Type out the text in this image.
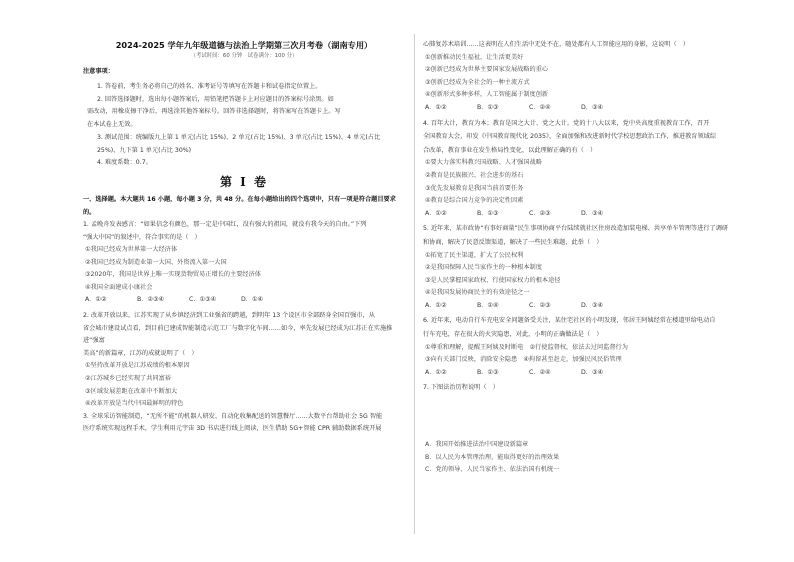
2024-2025 学年九年级道德与法治上学期第三次月考卷（湖南专用）
（考试时间：60 分钟　试卷满分：100 分）
注意事项：
1. 答卷前，考生务必将自己的姓名、准考证号等填写在答题卡和试卷指定位置上。
2. 回答选择题时，选出每小题答案后，用铅笔把答题卡上对应题目的答案标号涂黑。如
需改动，用橡皮擦干净后，再选涂其他答案标号。回答非选择题时，将答案写在答题卡上。写
在本试卷上无效。
3. 测试范围：统编版九上第 1 单元(占比 15%)、2 单元(占比 15%)、3 单元(占比 15%)、4 单元(占比
25%)、九下第 1 单元(占比 30%)
4. 难度系数：0.7。
第 I 卷
一、选择题。本大题共 16 小题，每小题 3 分，共 48 分。在每小题给出的四个选项中，只有一项是符合题目要求的。
1. 孟晚舟发表感言：“如果信念有颜色，那一定是中国红，没有强大的祖国，就没有我今天的自由。”下列
“强大中国”的叙述中，符合事实的是（　）
①我国已经成为世界第一大经济体
②我国已经成为制造业第一大国、外资流入第一大国
③2020年，我国是世界上唯一实现货物贸易正增长的主要经济体
④我国全面建成小康社会
A．①②	B．②③④	C．①③④	D．①④
2. 改革开放以来，江苏实现了从乡镇经济到工业强省的跨越，到明年 13 个设区市全部跻身全国百强市，从
省会城市建设试点看，到目前已建成智能制造示范工厂与数字化车间……如今，率先发展已经成为江苏正在实施推进“强富
美高”的新篇章，江苏的成就说明了（　）
①坚持改革开放是江苏成绩的根本原因
②江苏城乡已经实现了共同富裕
③区域发展差距在改革中不断加大
④改革开放是当代中国最鲜明的特色
3. 全球采访智能制造，“无所不能”的机器人研发、自动化收集配送的智慧餐厅……大数平台帮助社会 5G 智能
医疗系统实现远程手术，学生利用元宇宙 3D 书店进行线上阅读，医生借助 5G+智能 CPR 辅助数据系统开展
心肺复苏术培训……这表明在人们生活中无处不在，随处都有人工智能应用的身影，这说明（　）
①创新推动民生福祉，让生活更美好
②创新已经成为世界主要国家发展战略的重心
③创新已经成为全社会的一种主流方式
④创新形式多种多样，人工智能属于制度创新
A．①②	B．①③	C．②④	D．③④
4. 百年大计，教育为本；教育是国之大计、党之大计。党的十八大以来，党中央高度重视教育工作，召开
全国教育大会，印发《中国教育现代化 2035》，全面加强和改进新时代学校思想政治工作，推进教育领域综
合改革，教育事业在发生格局性变化，以此理解正确的有（　）
①要大力落实科教兴国战略、人才强国战略
②教育是民族振兴、社会进步的基石
③优先发展教育是我国当前首要任务
④教育是综合国力竞争的决定性因素
A．①②	B．①③	C．②③	D．③④
5. 近年来，某市政协“有事好商量”民生事项协商平台陆续就社区住房改造加装电梯、共享单车管理等进行了调研
和协商，解决了民意反馈渠道，解决了一些民生难题，此举（　）
①拓宽了民主渠道，扩大了公民权利
②是我国保障人民当家作主的一种根本制度
③是人民掌握国家政权、行使国家权力的根本途径
④是我国发展协商民主的有效途径之一
A．①②	B．①④	C．②③	D．③④
6. 近年来，电动自行车充电安全问题备受关注，某住宅社区的小明发现，邻居王阿姨经常在楼道里给电动自
行车充电，存在很大的火灾隐患，对此，小明的正确做法是（　）
①尊重和理解，提醒王阿姨及时断电　②行使监督权，依法去过问监督行为
③向有关部门反映，消除安全隐患　④拘留甚至赶走，加强民风民俗管理
A．①②	B．①③	C．②④	D．③④
7. 下图法治历程说明（　）
A．我国开始推进法治中国建设新篇章
B．以人民为本管理治理，能取得更好的治理效果
C．党的领导、人民当家作主、依法治国有机统一
